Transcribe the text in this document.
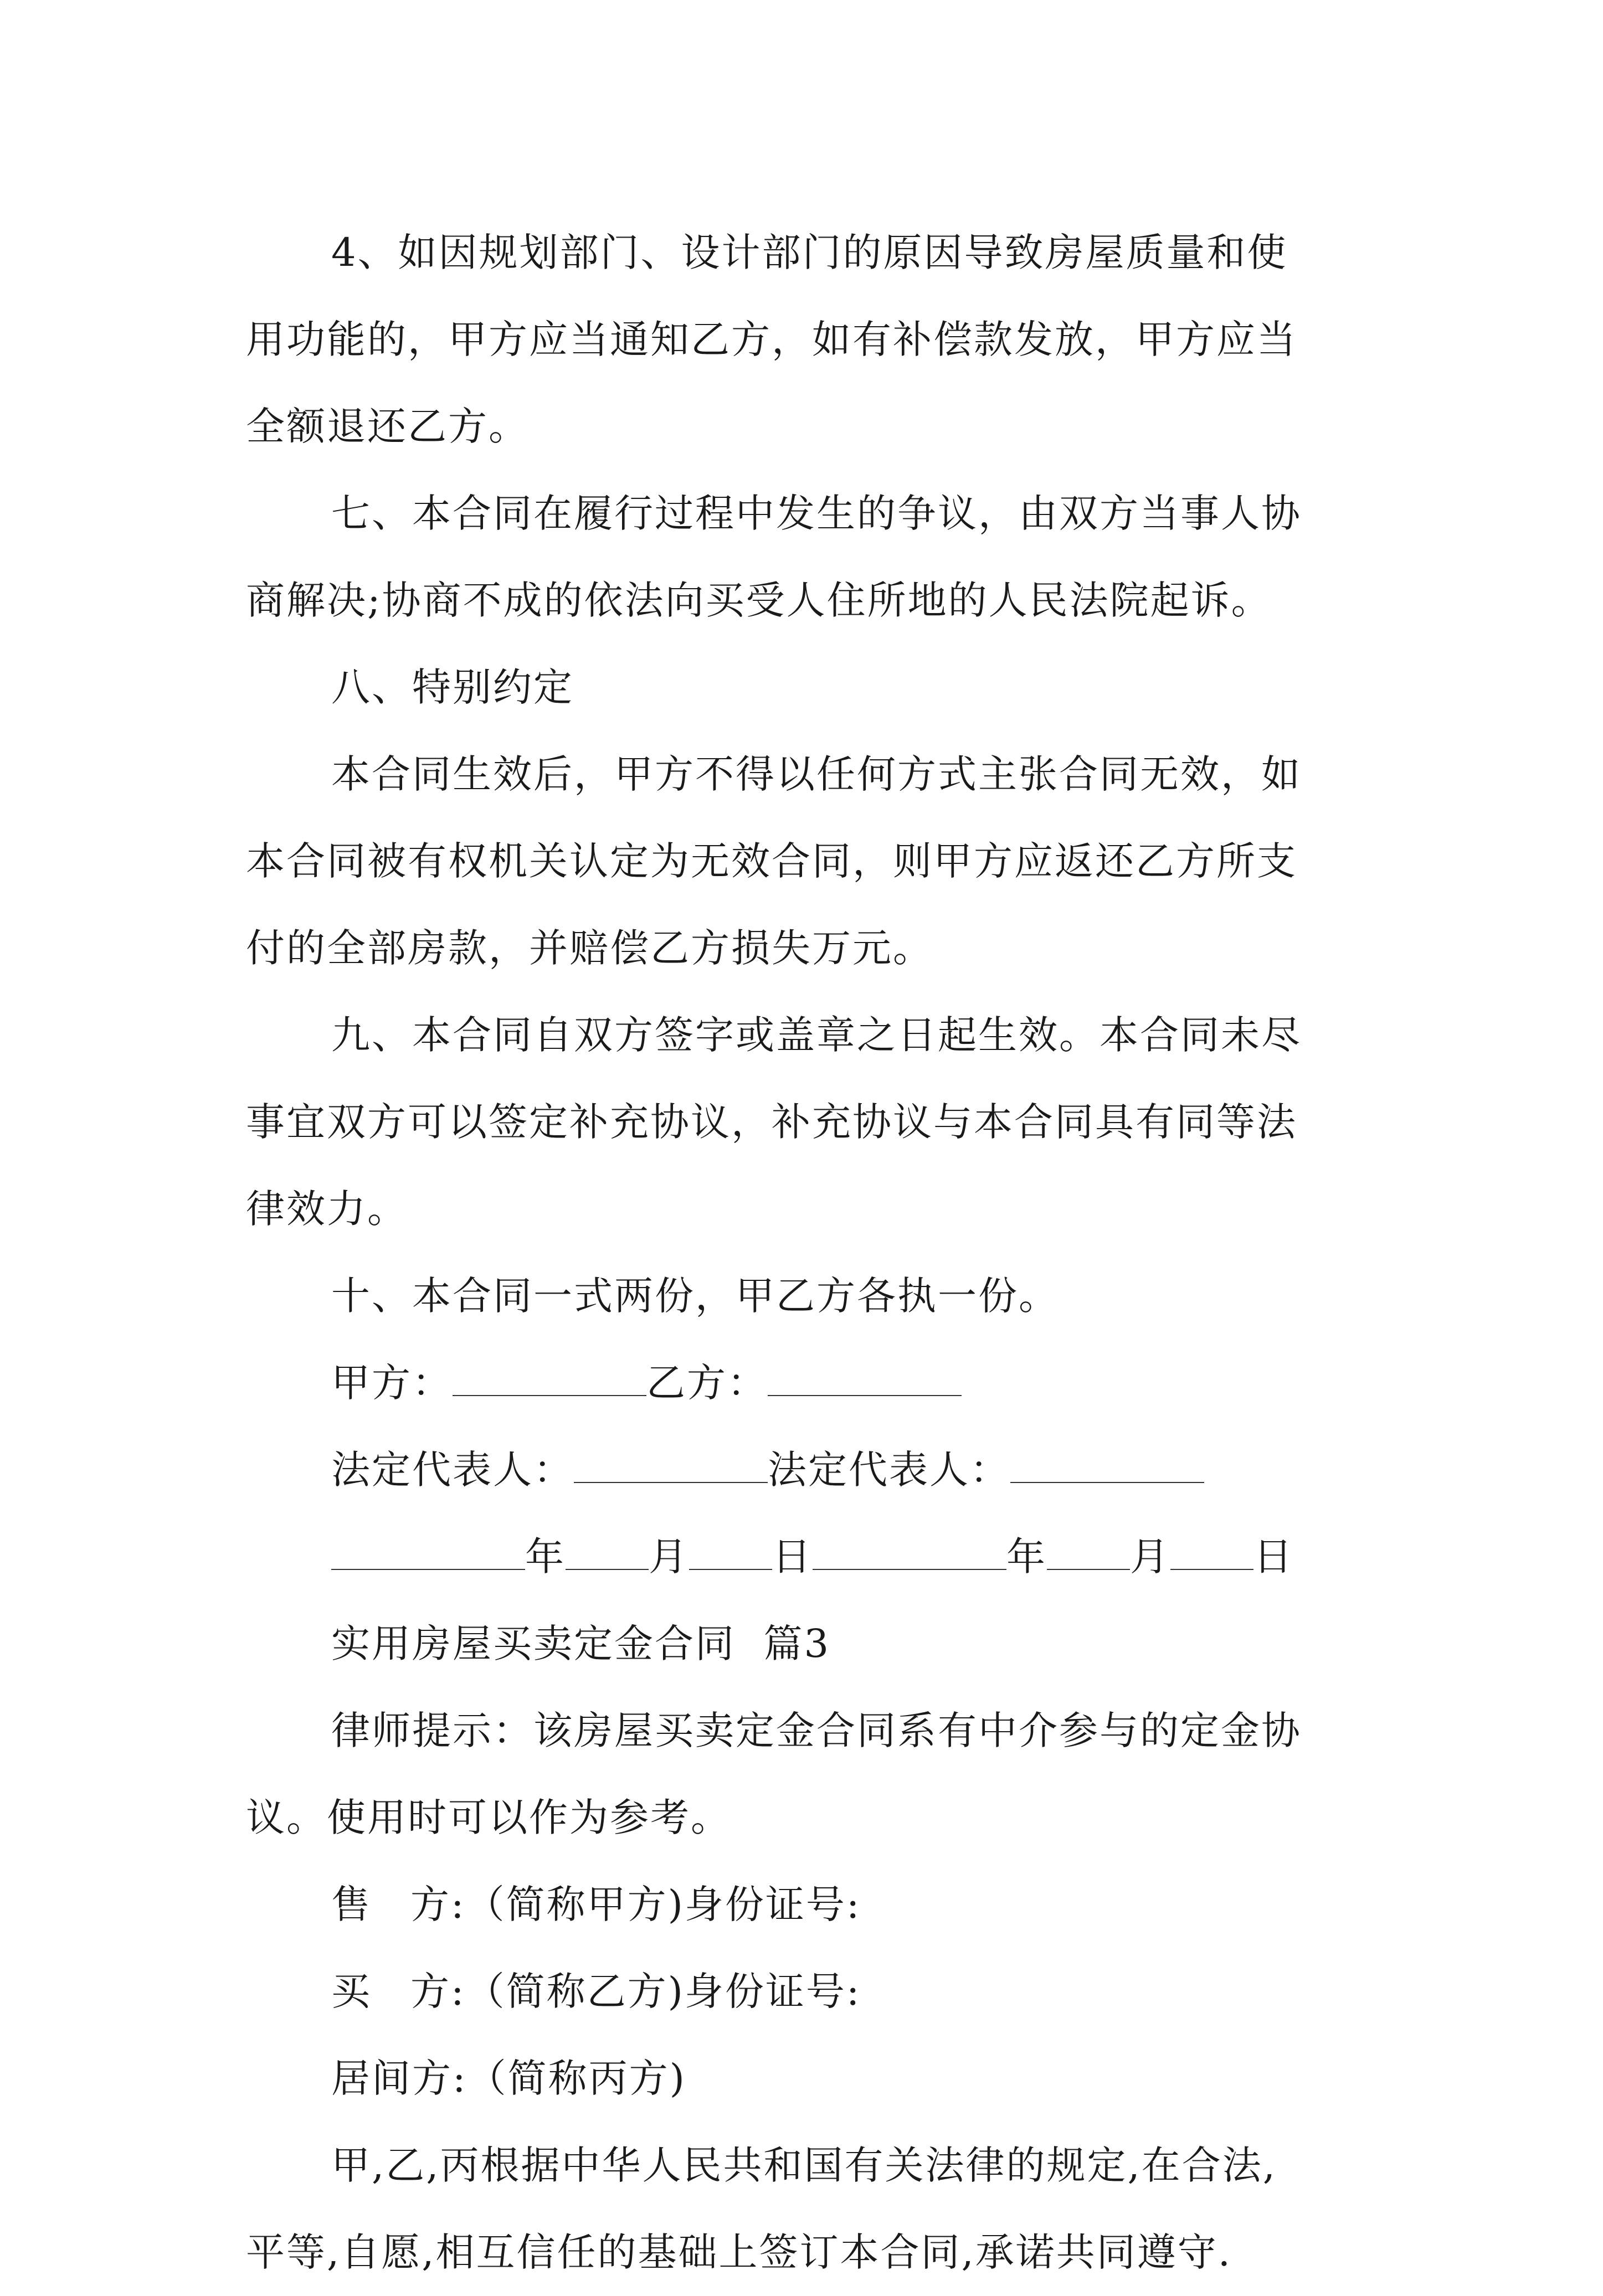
4、如因规划部门、设计部门的原因导致房屋质量和使
用功能的，甲方应当通知乙方，如有补偿款发放，甲方应当
全额退还乙方。
七、本合同在履行过程中发生的争议，由双方当事人协
商解决;协商不成的依法向买受人住所地的人民法院起诉。
八、特别约定
本合同生效后，甲方不得以任何方式主张合同无效，如
本合同被有权机关认定为无效合同，则甲方应返还乙方所支
付的全部房款，并赔偿乙方损失万元。
九、本合同自双方签字或盖章之日起生效。本合同未尽
事宜双方可以签定补充协议，补充协议与本合同具有同等法
律效力。
十、本合同一式两份，甲乙方各执一份。
甲方：	乙方：
法定代表人：	法定代表人：
年 月 日	年 月 日
实用房屋买卖定金合同  篇3
律师提示：该房屋买卖定金合同系有中介参与的定金协
议。使用时可以作为参考。
售 方:（简称甲方)身份证号:
买 方:（简称乙方)身份证号:
居间方:（简称丙方)
甲,乙,丙根据中华人民共和国有关法律的规定,在合法,
平等,自愿,相互信任的基础上签订本合同,承诺共同遵守.
